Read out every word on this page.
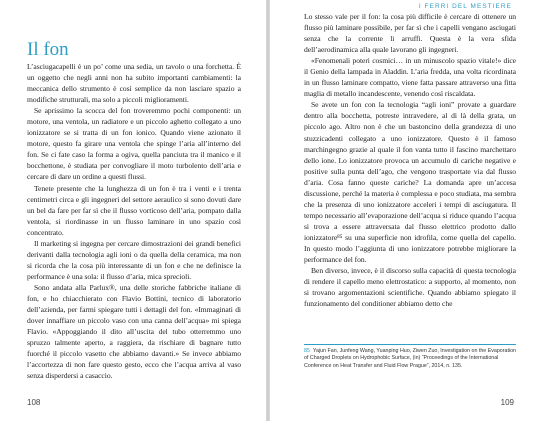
Il fon

L’asciugacapelli è un po’ come una sedia, un tavolo o una forchetta. È un oggetto che negli anni non ha subito importanti cambiamenti: la meccanica dello strumento è così semplice da non lasciare spazio a modifiche strutturali, ma solo a piccoli miglioramenti.

Se aprissimo la scocca del fon troveremmo pochi componenti: un motore, una ventola, un radiatore e un piccolo aghetto collegato a uno ionizzatore se si tratta di un fon ionico. Quando viene azionato il motore, questo fa girare una ventola che spinge l’aria all’interno del fon. Se ci fate caso la forma a ogiva, quella panciuta tra il manico e il bocchettone, è studiata per convogliare il moto turbolento dell’aria e cercare di dare un ordine a questi flussi.

Tenete presente che la lunghezza di un fon è tra i venti e i trenta centimetri circa e gli ingegneri del settore aeraulico si sono dovuti dare un bel da fare per far sì che il flusso vorticoso dell’aria, pompato dalla ventola, si riordinasse in un flusso laminare in uno spazio così concentrato.

Il marketing si ingegna per cercare dimostrazioni dei grandi benefici derivanti dalla tecnologia agli ioni o da quella della ceramica, ma non si ricorda che la cosa più interessante di un fon e che ne definisce la performance è una sola: il flusso d’aria, mica sprecioli.

Sono andata alla Parlux®, una delle storiche fabbriche italiane di fon, e ho chiacchierato con Flavio Bottini, tecnico di laboratorio dell’azienda, per farmi spiegare tutti i dettagli del fon. «Immaginati di dover innaffiare un piccolo vaso con una canna dell’acqua» mi spiega Flavio. «Appoggiando il dito all’uscita del tubo otterremmo uno spruzzo talmente aperto, a raggiera, da rischiare di bagnare tutto fuorché il piccolo vasetto che abbiamo davanti.» Se invece abbiamo l’accortezza di non fare questo gesto, ecco che l’acqua arriva al vaso senza disperdersi a casaccio.

108
I FERRI DEL MESTIERE

Lo stesso vale per il fon: la cosa più difficile è cercare di ottenere un flusso più laminare possibile, per far sì che i capelli vengano asciugati senza che la corrente li arruffi. Questa è la vera sfida dell’aerodinamica alla quale lavorano gli ingegneri.

«Fenomenali poteri cosmici… in un minuscolo spazio vitale!» dice il Genio della lampada in Aladdin. L’aria fredda, una volta ricordinata in un flusso laminare compatto, viene fatta passare attraverso una fitta maglia di metallo incandescente, venendo così riscaldata.

Se avete un fon con la tecnologia “agli ioni” provate a guardare dentro alla bocchetta, potreste intravedere, al di là della grata, un piccolo ago. Altro non è che un bastoncino della grandezza di uno stuzzicadenti collegato a uno ionizzatore. Questo è il famoso marchingegno grazie al quale il fon vanta tutto il fascino marchettaro dello ione. Lo ionizzatore provoca un accumulo di cariche negative e positive sulla punta dell’ago, che vengono trasportate via dal flusso d’aria. Cosa fanno queste cariche? La domanda apre un’accesa discussione, perché la materia è complessa e poco studiata, ma sembra che la presenza di uno ionizzatore acceleri i tempi di asciugatura. Il tempo necessario all’evaporazione dell’acqua si riduce quando l’acqua si trova a essere attraversata dal flusso elettrico prodotto dallo ionizzatore⁸⁵ su una superficie non idrofila, come quella del capello. In questo modo l’aggiunta di uno ionizzatore potrebbe migliorare la performance del fon.

Ben diverso, invece, è il discorso sulla capacità di questa tecnologia di rendere il capello meno elettrostatico: a supporto, al momento, non si trovano argomentazioni scientifiche. Quando abbiamo spiegato il funzionamento del conditioner abbiamo detto che

85 Yajun Fan, Junfeng Wang, Yuanping Huo, Ziwen Zuo, Investigation on the Evaporation of Charged Droplets on Hydrophobic Surface, (in) “Proceedings of the International Conference on Heat Transfer and Fluid Flow Prague”, 2014, n. 135.

109
